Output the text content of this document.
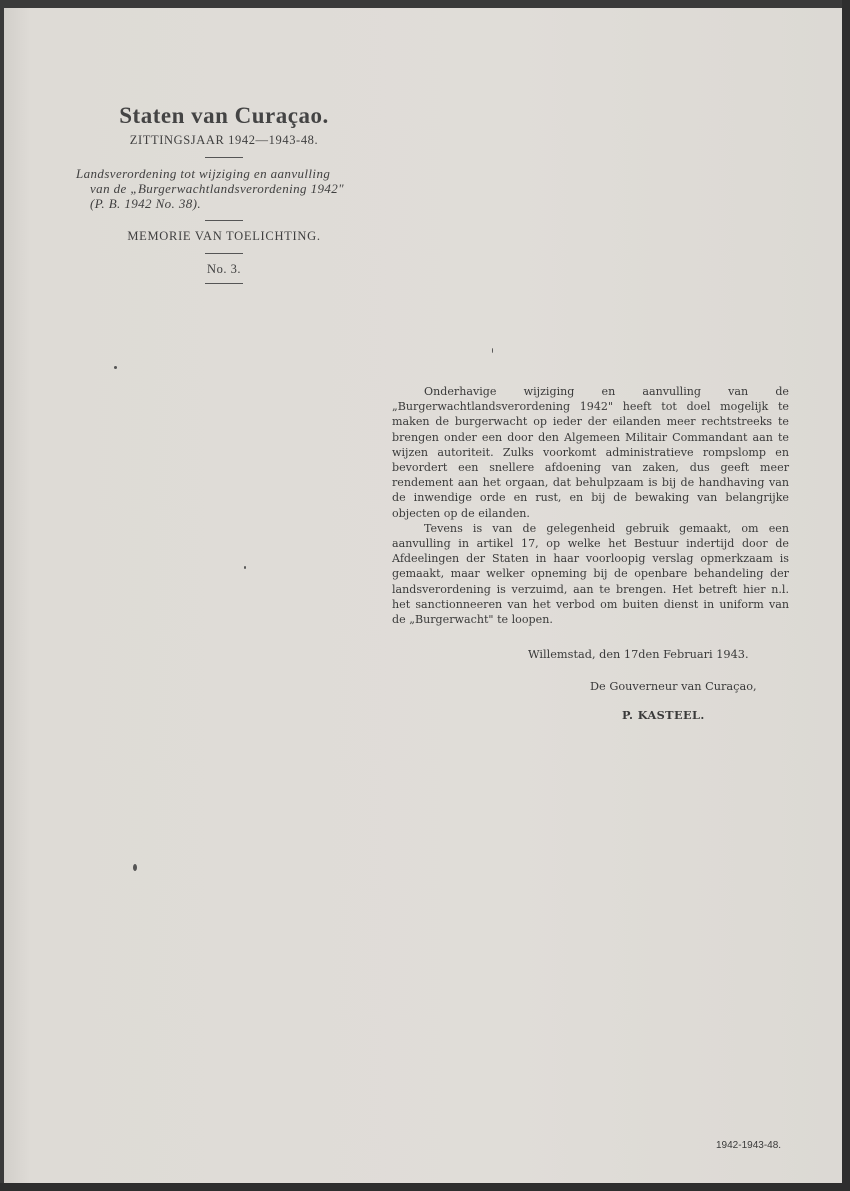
Staten van Curaçao.
ZITTINGSJAAR 1942—1943-48.
Landsverordening tot wijziging en aanvulling
van de „Burgerwachtlandsverordening 1942"
(P. B. 1942 No. 38).
MEMORIE VAN TOELICHTING.
No. 3.

Onderhavige wijziging en aanvulling van de „Burgerwachtlandsverordening 1942" heeft tot doel mogelijk te maken de burgerwacht op ieder der eilanden meer rechtstreeks te brengen onder een door den Algemeen Militair Commandant aan te wijzen autoriteit. Zulks voorkomt administratieve rompslomp en bevordert een snellere afdoening van zaken, dus geeft meer rendement aan het orgaan, dat behulpzaam is bij de handhaving van de inwendige orde en rust, en bij de bewaking van belangrijke objecten op de eilanden.

Tevens is van de gelegenheid gebruik gemaakt, om een aanvulling in artikel 17, op welke het Bestuur indertijd door de Afdeelingen der Staten in haar voorloopig verslag opmerkzaam is gemaakt, maar welker opneming bij de openbare behandeling der landsverordening is verzuimd, aan te brengen. Het betreft hier n.l. het sanctionneeren van het verbod om buiten dienst in uniform van de „Burgerwacht" te loopen.

Willemstad, den 17den Februari 1943.
De Gouverneur van Curaçao,
P. KASTEEL.
1942-1943-48.
